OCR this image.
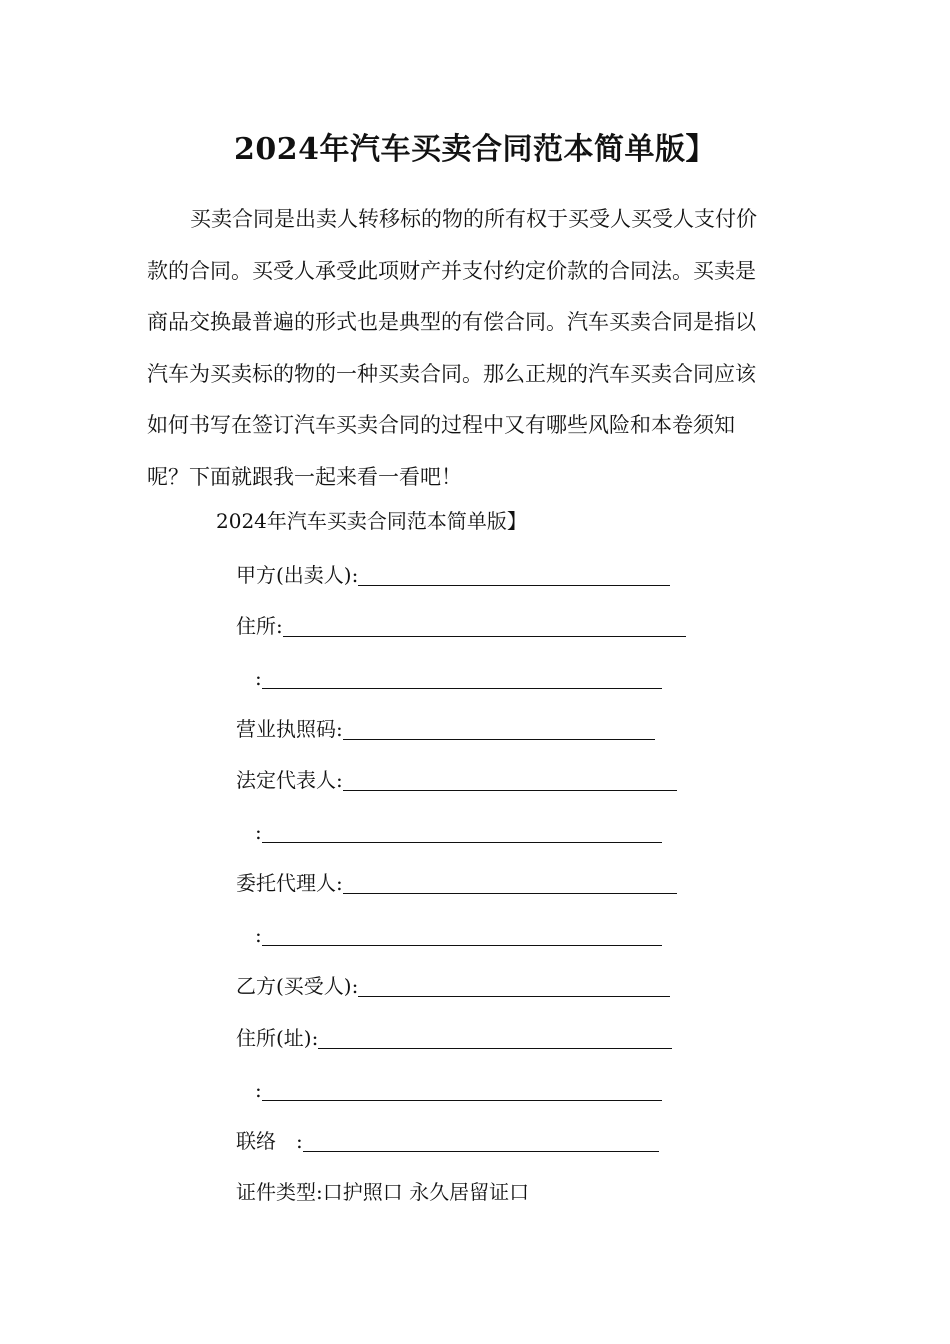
2024年汽车买卖合同范本简单版】
买卖合同是出卖人转移标的物的所有权于买受人买受人支付价
款的合同。买受人承受此项财产并支付约定价款的合同法。买卖是
商品交换最普遍的形式也是典型的有偿合同。汽车买卖合同是指以
汽车为买卖标的物的一种买卖合同。那么正规的汽车买卖合同应该
如何书写在签订汽车买卖合同的过程中又有哪些风险和本卷须知
呢？下面就跟我一起来看一看吧！
2024年汽车买卖合同范本简单版】
甲方(出卖人):
住所:
:
营业执照码:
法定代表人:
:
委托代理人:
:
乙方(买受人):
住所(址):
:
联络　:
证件类型:口护照口 永久居留证口
